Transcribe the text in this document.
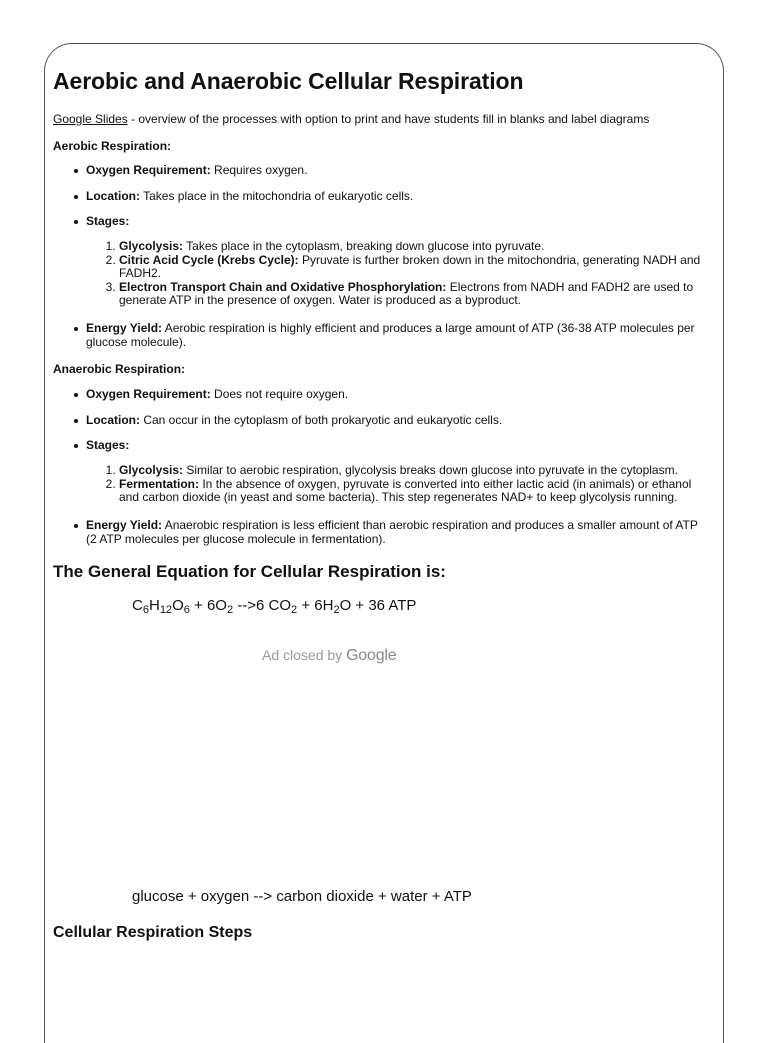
Aerobic and Anaerobic Cellular Respiration

Google Slides - overview of the processes with option to print and have students fill in blanks and label diagrams

Aerobic Respiration:

Oxygen Requirement: Requires oxygen.
Location: Takes place in the mitochondria of eukaryotic cells.
Stages:
1. Glycolysis: Takes place in the cytoplasm, breaking down glucose into pyruvate.
2. Citric Acid Cycle (Krebs Cycle): Pyruvate is further broken down in the mitochondria, generating NADH and FADH2.
3. Electron Transport Chain and Oxidative Phosphorylation: Electrons from NADH and FADH2 are used to generate ATP in the presence of oxygen. Water is produced as a byproduct.
Energy Yield: Aerobic respiration is highly efficient and produces a large amount of ATP (36-38 ATP molecules per glucose molecule).

Anaerobic Respiration:

Oxygen Requirement: Does not require oxygen.
Location: Can occur in the cytoplasm of both prokaryotic and eukaryotic cells.
Stages:
1. Glycolysis: Similar to aerobic respiration, glycolysis breaks down glucose into pyruvate in the cytoplasm.
2. Fermentation: In the absence of oxygen, pyruvate is converted into either lactic acid (in animals) or ethanol and carbon dioxide (in yeast and some bacteria). This step regenerates NAD+ to keep glycolysis running.
Energy Yield: Anaerobic respiration is less efficient than aerobic respiration and produces a smaller amount of ATP (2 ATP molecules per glucose molecule in fermentation).
The General Equation for Cellular Respiration is:
$C_6H_{12}O_6 + 6O_2$ -->6 $CO_2 + 6H_2O + 36$ ATP
Ad closed by Google
glucose + oxygen --> carbon dioxide + water + ATP
Cellular Respiration Steps
